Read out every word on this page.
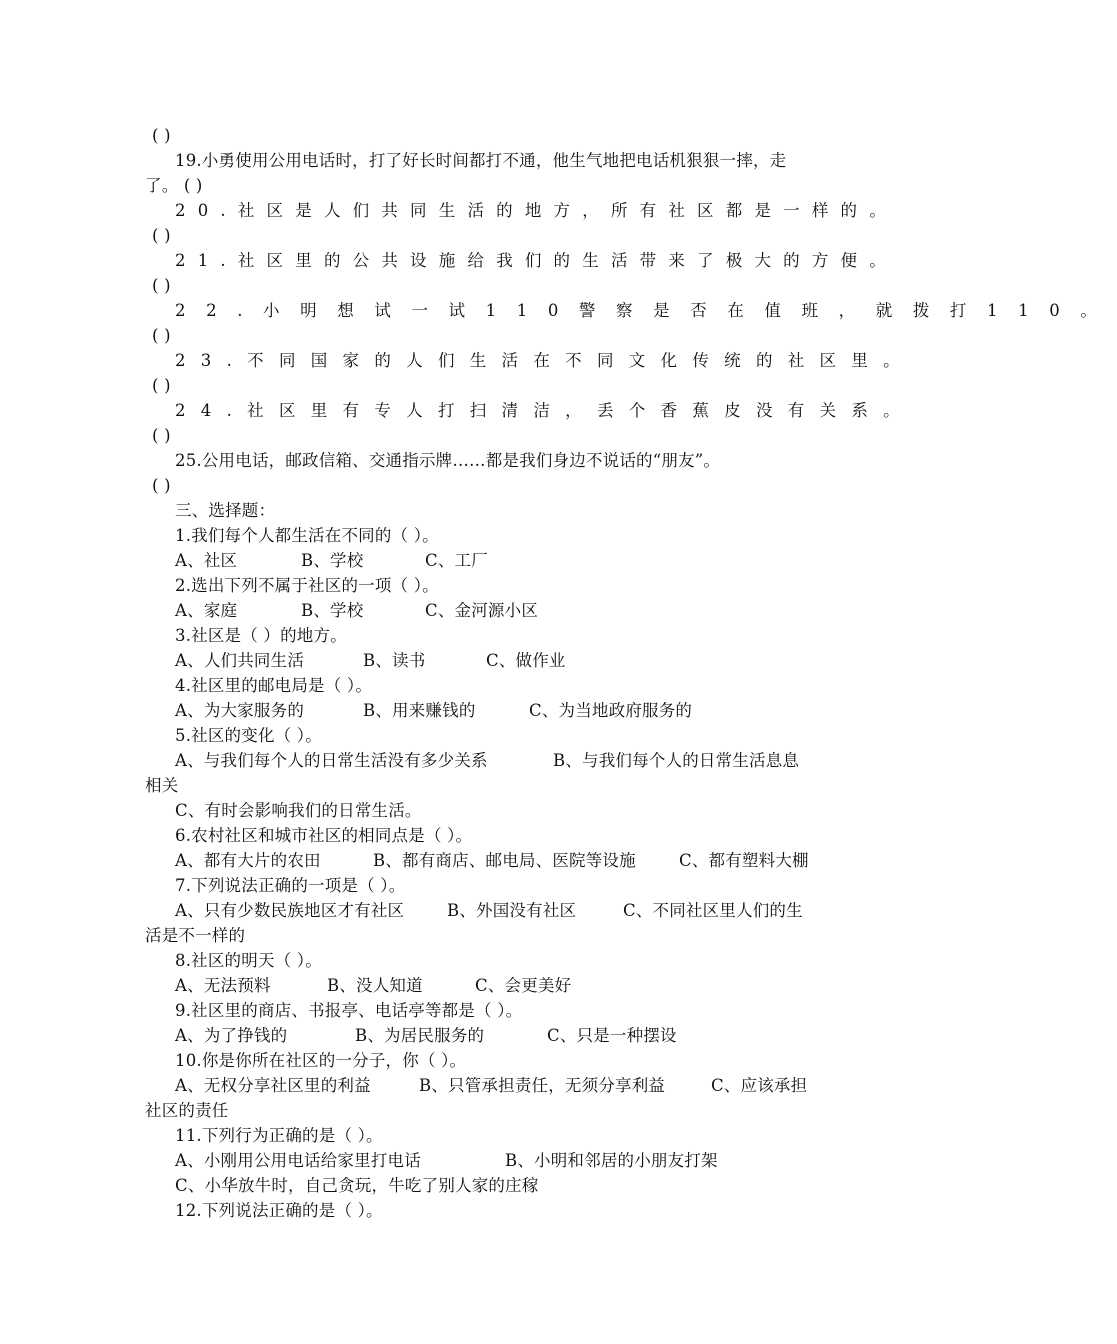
( )
19.小勇使用公用电话时，打了好长时间都打不通，他生气地把电话机狠狠一摔，走
了。 ( )
20.社区是人们共同生活的地方，所有社区都是一样的。
( )
21.社区里的公共设施给我们的生活带来了极大的方便。
( )
22.小明想试一试110警察是否在值班，就拨打110。
( )
23.不同国家的人们生活在不同文化传统的社区里。
( )
24.社区里有专人打扫清洁，丢个香蕉皮没有关系。
( )
25.公用电话，邮政信箱、交通指示牌……都是我们身边不说话的“朋友”。
( )
三、选择题：
1.我们每个人都生活在不同的（ ）。
A、社区	B、学校	C、工厂
2.选出下列不属于社区的一项（ ）。
A、家庭	B、学校	C、金河源小区
3.社区是（ ）的地方。
A、人们共同生活	B、读书	C、做作业
4.社区里的邮电局是（ ）。
A、为大家服务的	B、用来赚钱的	C、为当地政府服务的
5.社区的变化（ ）。
A、与我们每个人的日常生活没有多少关系	B、与我们每个人的日常生活息息
相关
C、有时会影响我们的日常生活。
6.农村社区和城市社区的相同点是（ ）。
A、都有大片的农田	B、都有商店、邮电局、医院等设施	C、都有塑料大棚
7.下列说法正确的一项是（ ）。
A、只有少数民族地区才有社区	B、外国没有社区	C、不同社区里人们的生
活是不一样的
8.社区的明天（ ）。
A、无法预料	B、没人知道	C、会更美好
9.社区里的商店、书报亭、电话亭等都是（ ）。
A、为了挣钱的	B、为居民服务的	C、只是一种摆设
10.你是你所在社区的一分子，你（ ）。
A、无权分享社区里的利益	B、只管承担责任，无须分享利益	C、应该承担
社区的责任
11.下列行为正确的是（ ）。
A、小刚用公用电话给家里打电话	B、小明和邻居的小朋友打架
C、小华放牛时，自己贪玩，牛吃了别人家的庄稼
12.下列说法正确的是（ ）。
